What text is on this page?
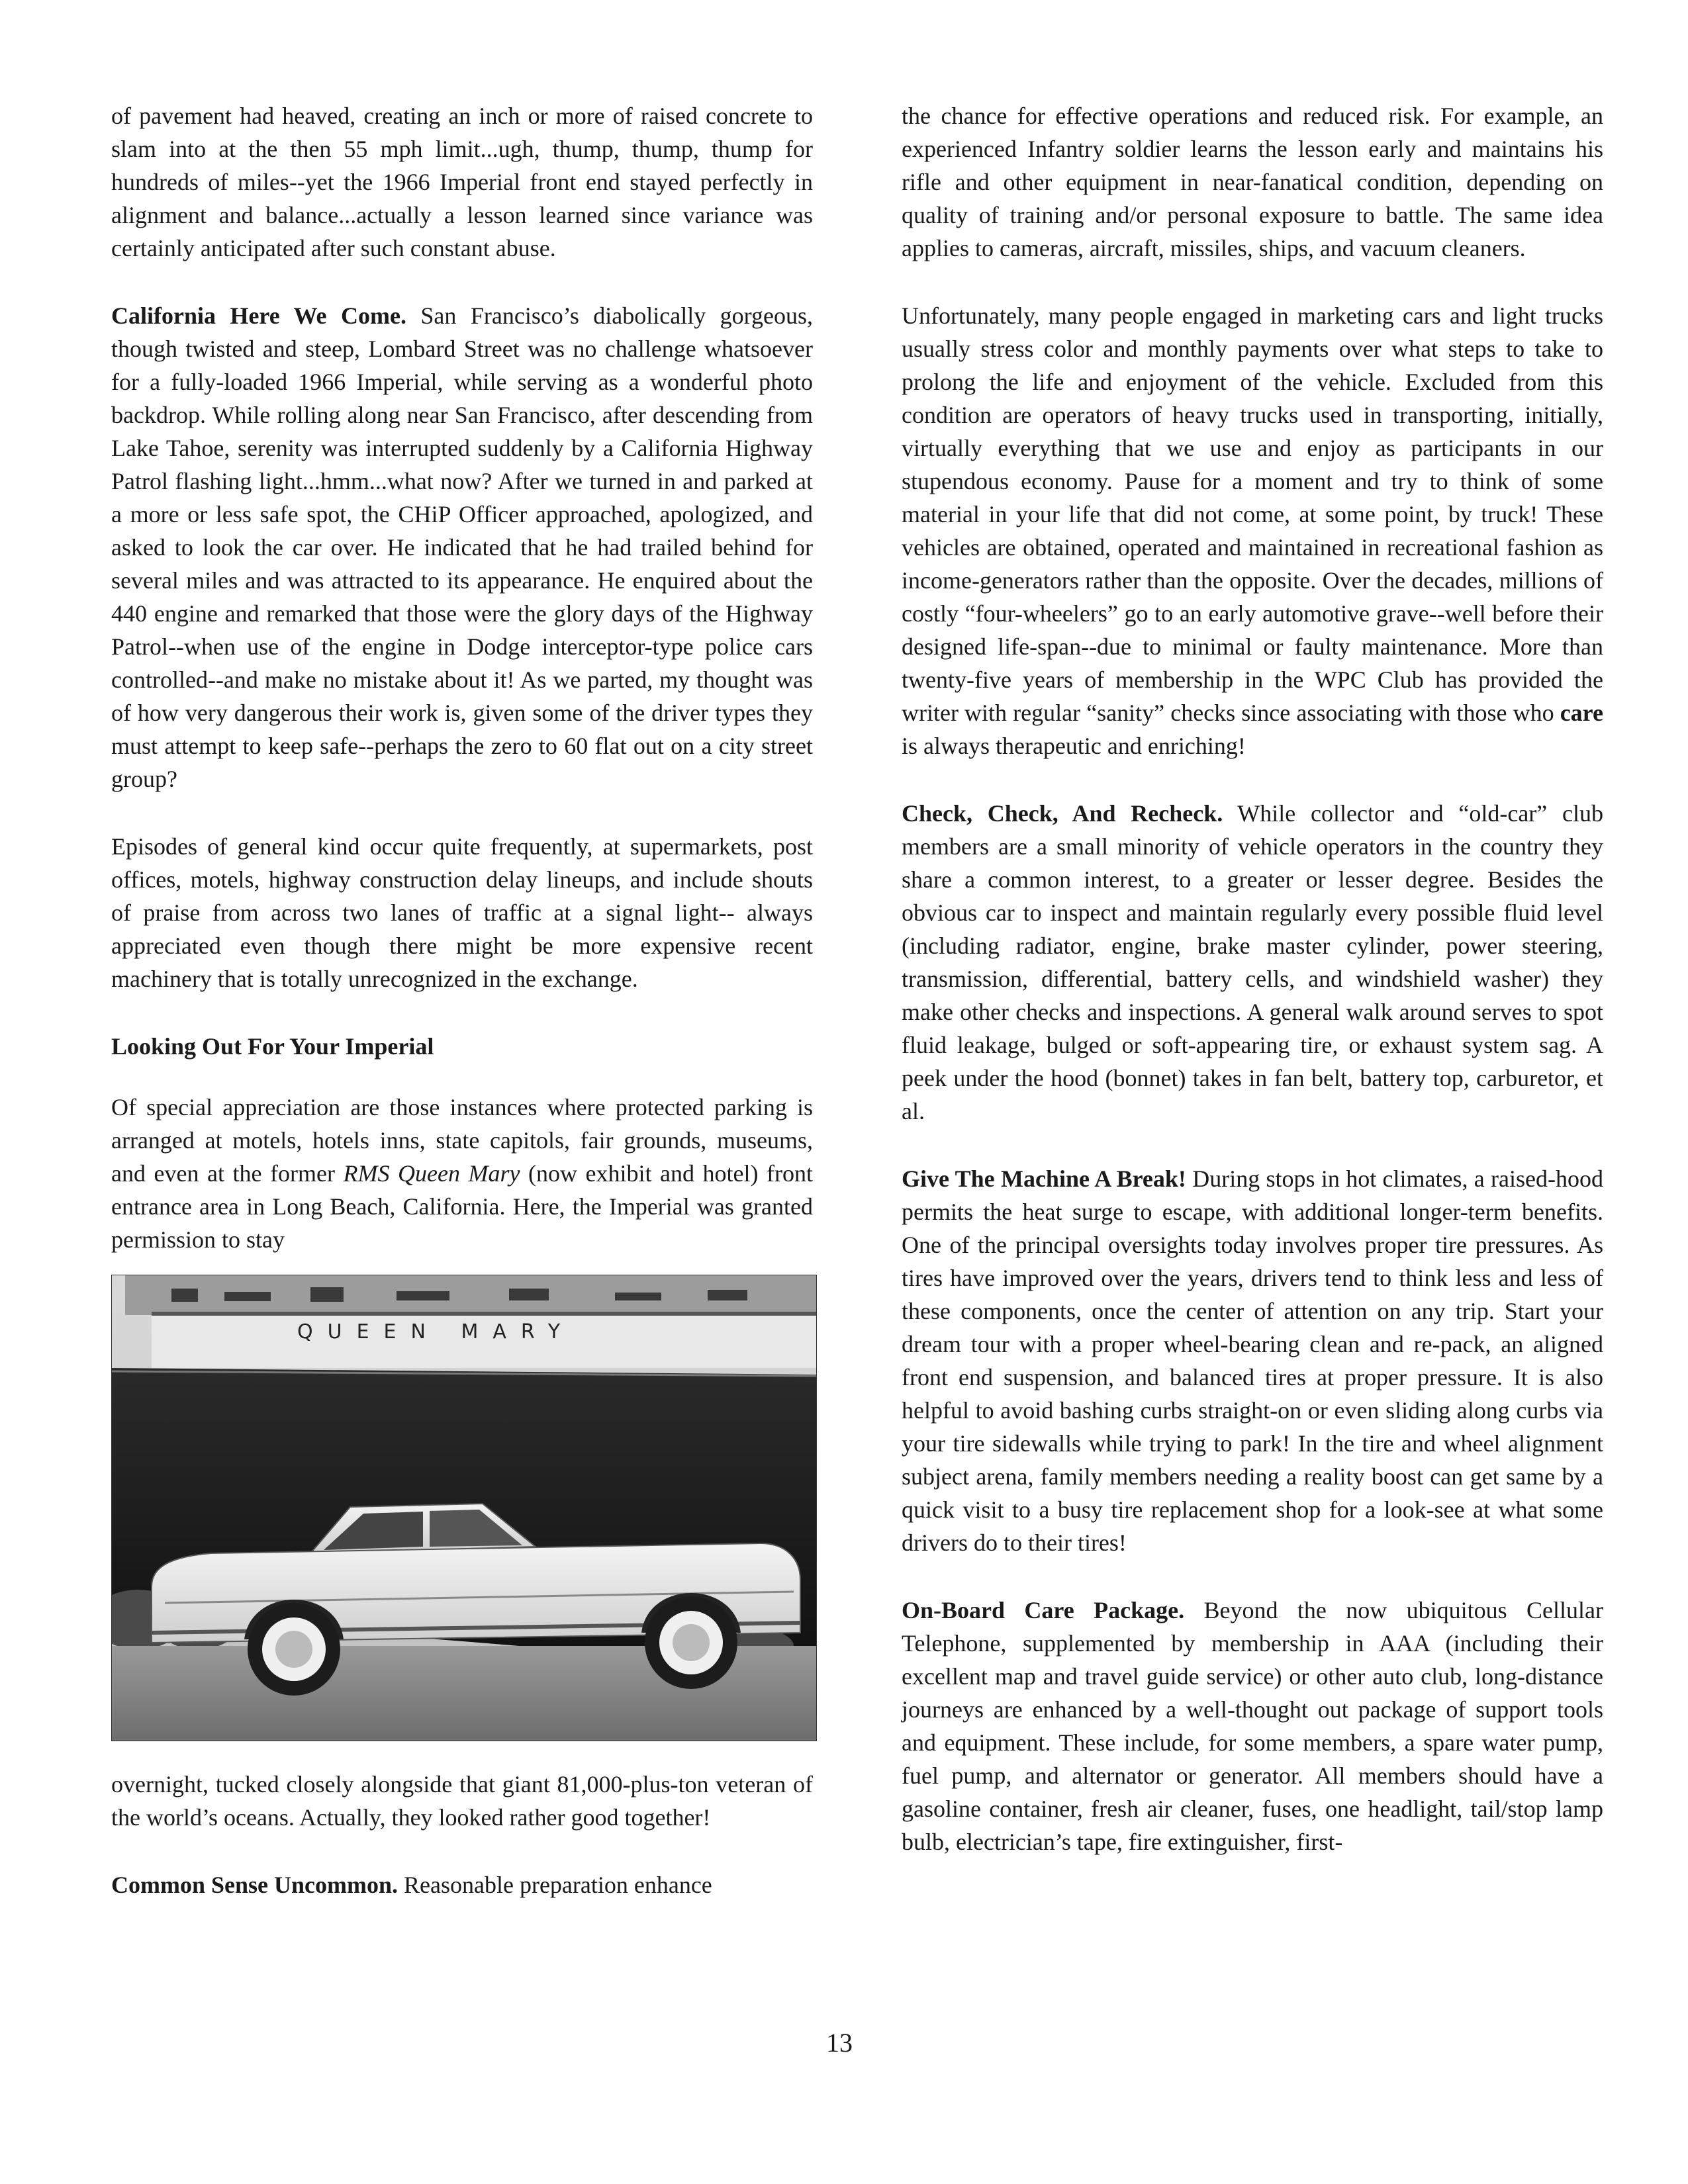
of pavement had heaved, creating an inch or more of raised concrete to slam into at the then 55 mph limit...ugh, thump, thump, thump for hundreds of miles--yet the 1966 Imperial front end stayed perfectly in alignment and balance...actually a lesson learned since variance was certainly anticipated after such constant abuse.

California Here We Come. San Francisco’s diabolically gorgeous, though twisted and steep, Lombard Street was no challenge whatsoever for a fully-loaded 1966 Imperial, while serving as a wonderful photo backdrop. While rolling along near San Francisco, after descending from Lake Tahoe, serenity was interrupted suddenly by a California Highway Patrol flashing light...hmm...what now? After we turned in and parked at a more or less safe spot, the CHiP Officer approached, apologized, and asked to look the car over. He indicated that he had trailed behind for several miles and was attracted to its appearance. He enquired about the 440 engine and remarked that those were the glory days of the Highway Patrol--when use of the engine in Dodge interceptor-type police cars controlled--and make no mistake about it! As we parted, my thought was of how very dangerous their work is, given some of the driver types they must attempt to keep safe--perhaps the zero to 60 flat out on a city street group?

Episodes of general kind occur quite frequently, at supermarkets, post offices, motels, highway construction delay lineups, and include shouts of praise from across two lanes of traffic at a signal light-- always appreciated even though there might be more expensive recent machinery that is totally unrecognized in the exchange.

Looking Out For Your Imperial

Of special appreciation are those instances where protected parking is arranged at motels, hotels inns, state capitols, fair grounds, museums, and even at the former RMS Queen Mary (now exhibit and hotel) front entrance area in Long Beach, California. Here, the Imperial was granted permission to stay

QUEEN MARY

overnight, tucked closely alongside that giant 81,000-plus-ton veteran of the world’s oceans. Actually, they looked rather good together!

Common Sense Uncommon. Reasonable preparation enhance

the chance for effective operations and reduced risk. For example, an experienced Infantry soldier learns the lesson early and maintains his rifle and other equipment in near-fanatical condition, depending on quality of training and/or personal exposure to battle. The same idea applies to cameras, aircraft, missiles, ships, and vacuum cleaners.

Unfortunately, many people engaged in marketing cars and light trucks usually stress color and monthly payments over what steps to take to prolong the life and enjoyment of the vehicle. Excluded from this condition are operators of heavy trucks used in transporting, initially, virtually everything that we use and enjoy as participants in our stupendous economy. Pause for a moment and try to think of some material in your life that did not come, at some point, by truck! These vehicles are obtained, operated and maintained in recreational fashion as income-generators rather than the opposite. Over the decades, millions of costly “four-wheelers” go to an early automotive grave--well before their designed life-span--due to minimal or faulty maintenance. More than twenty-five years of membership in the WPC Club has provided the writer with regular “sanity” checks since associating with those who care is always therapeutic and enriching!

Check, Check, And Recheck. While collector and “old-car” club members are a small minority of vehicle operators in the country they share a common interest, to a greater or lesser degree. Besides the obvious car to inspect and maintain regularly every possible fluid level (including radiator, engine, brake master cylinder, power steering, transmission, differential, battery cells, and windshield washer) they make other checks and inspections. A general walk around serves to spot fluid leakage, bulged or soft-appearing tire, or exhaust system sag. A peek under the hood (bonnet) takes in fan belt, battery top, carburetor, et al.

Give The Machine A Break! During stops in hot climates, a raised-hood permits the heat surge to escape, with additional longer-term benefits. One of the principal oversights today involves proper tire pressures. As tires have improved over the years, drivers tend to think less and less of these components, once the center of attention on any trip. Start your dream tour with a proper wheel-bearing clean and re-pack, an aligned front end suspension, and balanced tires at proper pressure. It is also helpful to avoid bashing curbs straight-on or even sliding along curbs via your tire sidewalls while trying to park! In the tire and wheel alignment subject arena, family members needing a reality boost can get same by a quick visit to a busy tire replacement shop for a look-see at what some drivers do to their tires!

On-Board Care Package. Beyond the now ubiquitous Cellular Telephone, supplemented by membership in AAA (including their excellent map and travel guide service) or other auto club, long-distance journeys are enhanced by a well-thought out package of support tools and equipment. These include, for some members, a spare water pump, fuel pump, and alternator or generator. All members should have a gasoline container, fresh air cleaner, fuses, one headlight, tail/stop lamp bulb, electrician’s tape, fire extinguisher, first-

13
